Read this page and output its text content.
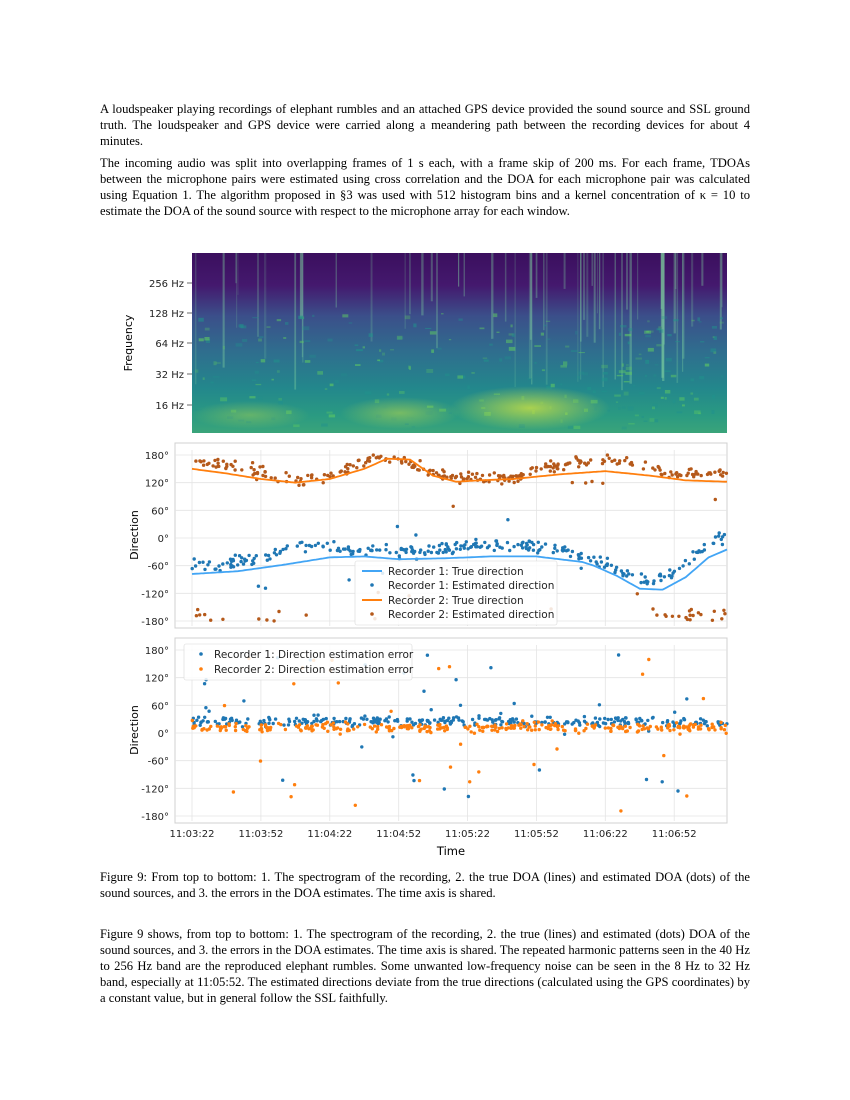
A loudspeaker playing recordings of elephant rumbles and an attached GPS device provided the sound source and SSL ground truth. The loudspeaker and GPS device were carried along a meandering path between the recording devices for about 4 minutes.

The incoming audio was split into overlapping frames of 1 s each, with a frame skip of 200 ms. For each frame, TDOAs between the microphone pairs were estimated using cross correlation and the DOA for each microphone pair was calculated using Equation 1. The algorithm proposed in §3 was used with 512 histogram bins and a kernel concentration of κ = 10 to estimate the DOA of the sound source with respect to the microphone array for each window.

256 Hz
128 Hz
64 Hz
32 Hz
16 Hz
Frequency
180°
120°
60°
0°
-60°
-120°
-180°
Direction
Recorder 1: True direction
Recorder 1: Estimated direction
Recorder 2: True direction
Recorder 2: Estimated direction
180°
120°
60°
0°
-60°
-120°
-180°
11:03:22 11:03:52 11:04:22 11:04:52 11:05:22 11:05:52 11:06:22 11:06:52
Direction
Time
Recorder 1: Direction estimation error
Recorder 2: Direction estimation error

Figure 9: From top to bottom: 1. The spectrogram of the recording, 2. the true DOA (lines) and estimated DOA (dots) of the sound sources, and 3. the errors in the DOA estimates. The time axis is shared.

Figure 9 shows, from top to bottom: 1. The spectrogram of the recording, 2. the true (lines) and estimated (dots) DOA of the sound sources, and 3. the errors in the DOA estimates. The time axis is shared. The repeated harmonic patterns seen in the 40 Hz to 256 Hz band are the reproduced elephant rumbles. Some unwanted low-frequency noise can be seen in the 8 Hz to 32 Hz band, especially at 11:05:52. The estimated directions deviate from the true directions (calculated using the GPS coordinates) by a constant value, but in general follow the SSL faithfully.
